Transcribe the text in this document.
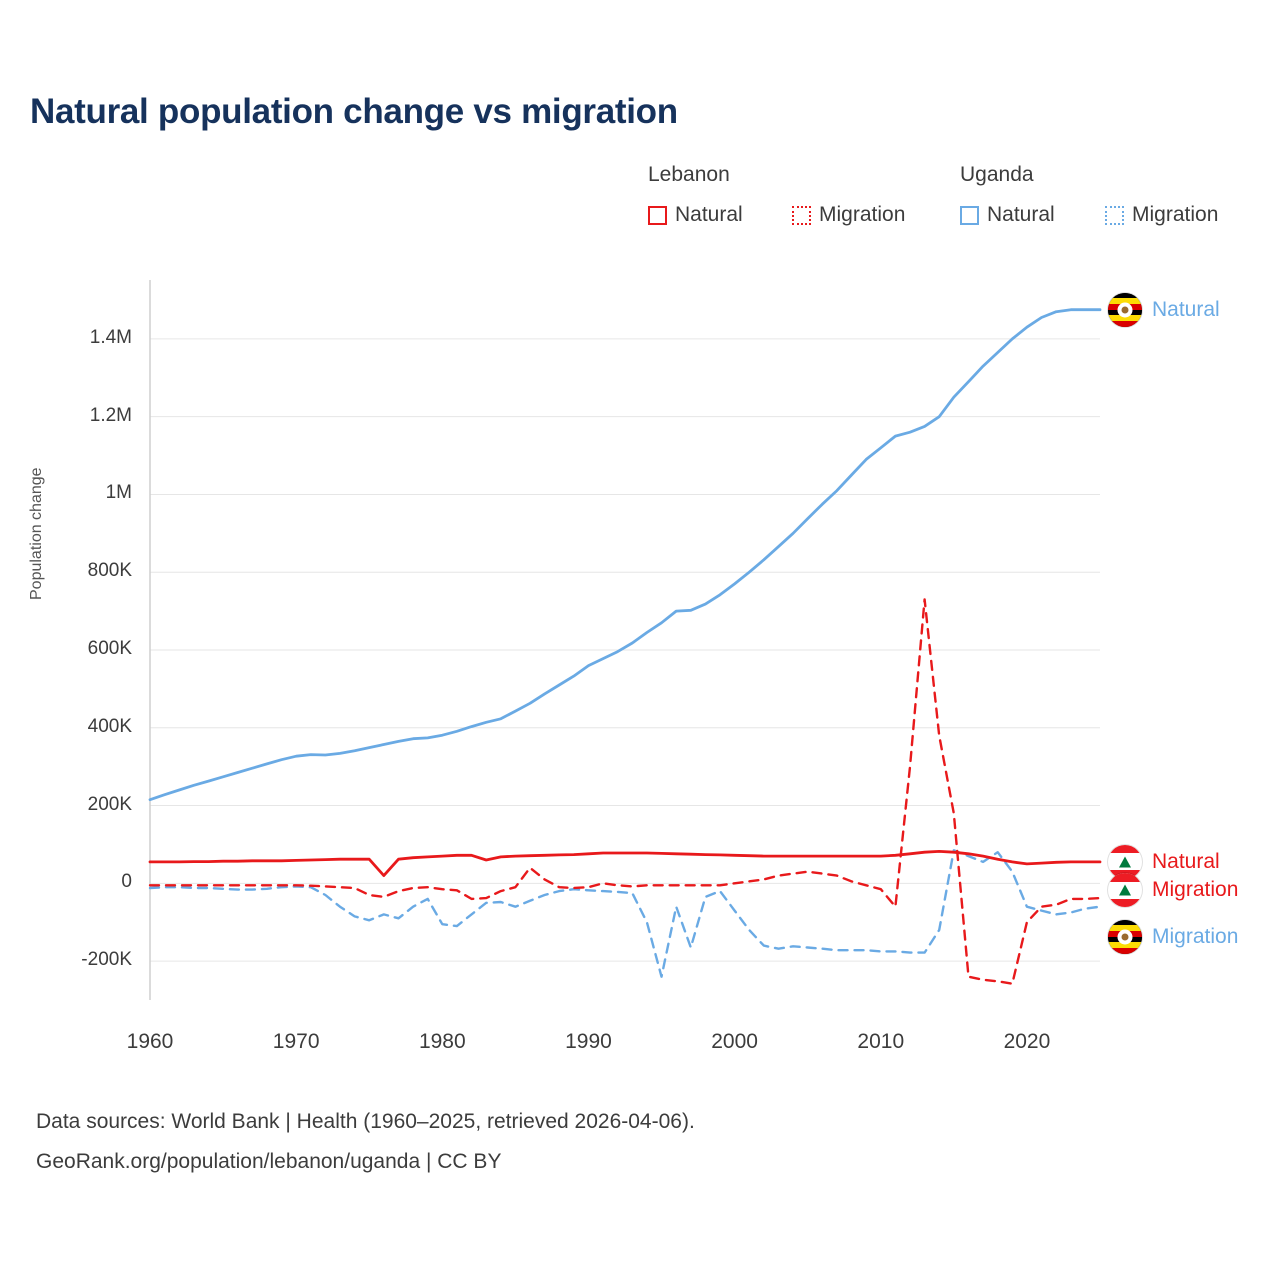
Natural population change vs migration
Lebanon	Uganda
Natural	Migration	Natural	Migration
Population change
-200K
0
200K
400K
600K
800K
1M
1.2M
1.4M
1960	1970	1980	1990	2000	2010	2020
Natural
Natural
Migration
Migration
Data sources: World Bank | Health (1960–2025, retrieved 2026-04-06).
GeoRank.org/population/lebanon/uganda | CC BY
